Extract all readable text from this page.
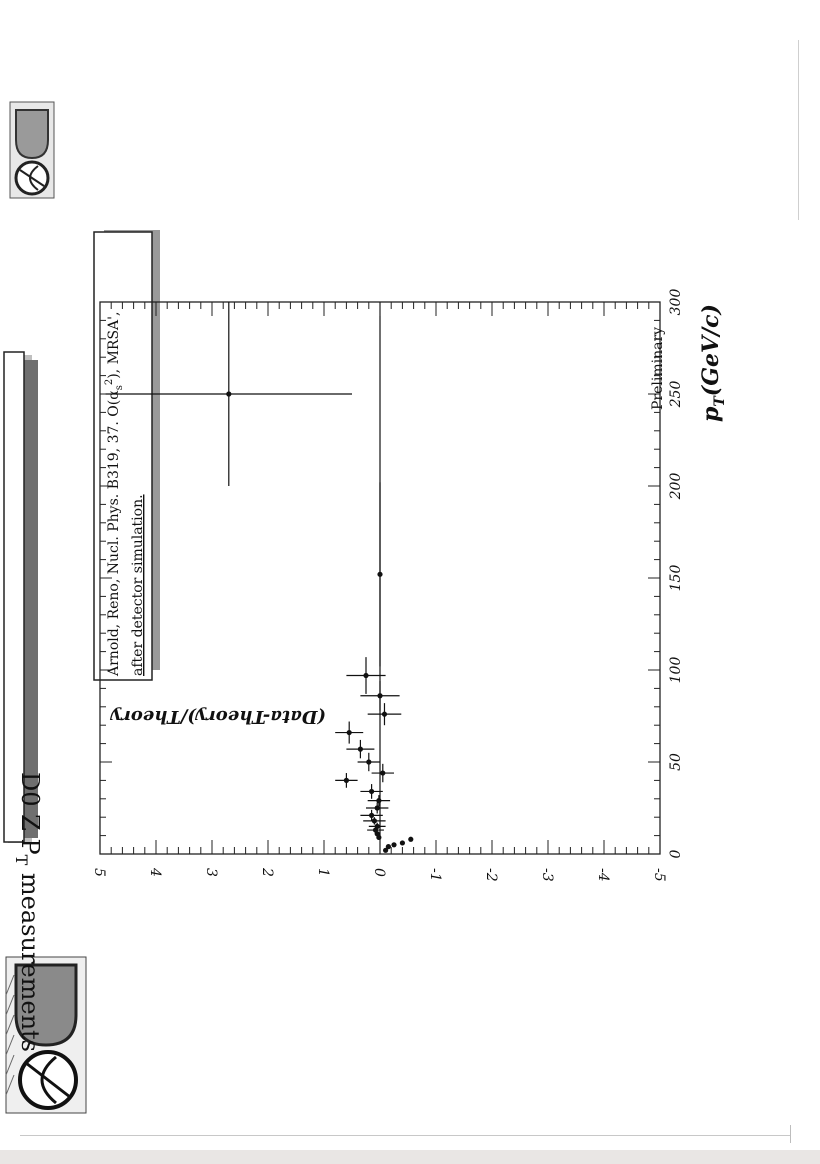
D0 Z $P_T$ measurements
Arnold, Reno, Nucl. Phys. B319, 37. $O(\alpha_s^2)$, MRSA',
after detector simulation.
0
50
100
150
200
250
300
-5
-4
-3
-2
-1
0
1
2
3
4
5
Preliminary
$p_T(GeV/c)$
(Data-Theory)/Theory
